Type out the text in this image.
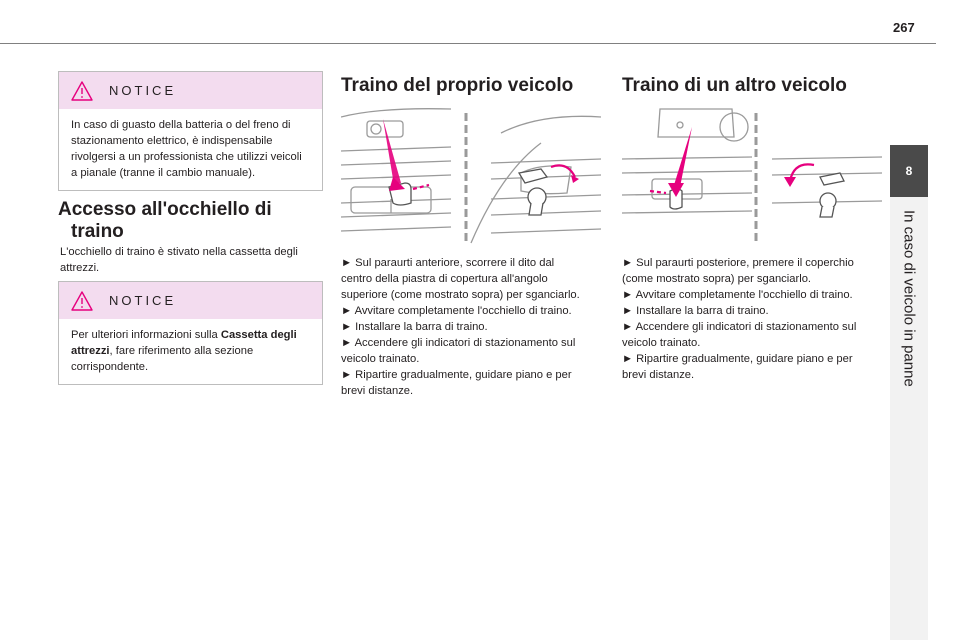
267
8
In caso di veicolo in panne
NOTICE
In caso di guasto della batteria o del freno di stazionamento elettrico, è indispensabile rivolgersi a un professionista che utilizzi veicoli a pianale (tranne il cambio manuale).
Accesso all'occhiello di
traino
L'occhiello di traino è stivato nella cassetta degli attrezzi.
NOTICE
Per ulteriori informazioni sulla Cassetta degli attrezzi, fare riferimento alla sezione corrispondente.
Traino del proprio veicolo
► Sul paraurti anteriore, scorrere il dito dal
centro della piastra di copertura all'angolo
superiore (come mostrato sopra) per sganciarlo.
► Avvitare completamente l'occhiello di traino.
► Installare la barra di traino.
► Accendere gli indicatori di stazionamento sul
veicolo trainato.
► Ripartire gradualmente, guidare piano e per
brevi distanze.
Traino di un altro veicolo
► Sul paraurti posteriore, premere il coperchio
(come mostrato sopra) per sganciarlo.
► Avvitare completamente l'occhiello di traino.
► Installare la barra di traino.
► Accendere gli indicatori di stazionamento sul
veicolo trainato.
► Ripartire gradualmente, guidare piano e per
brevi distanze.
